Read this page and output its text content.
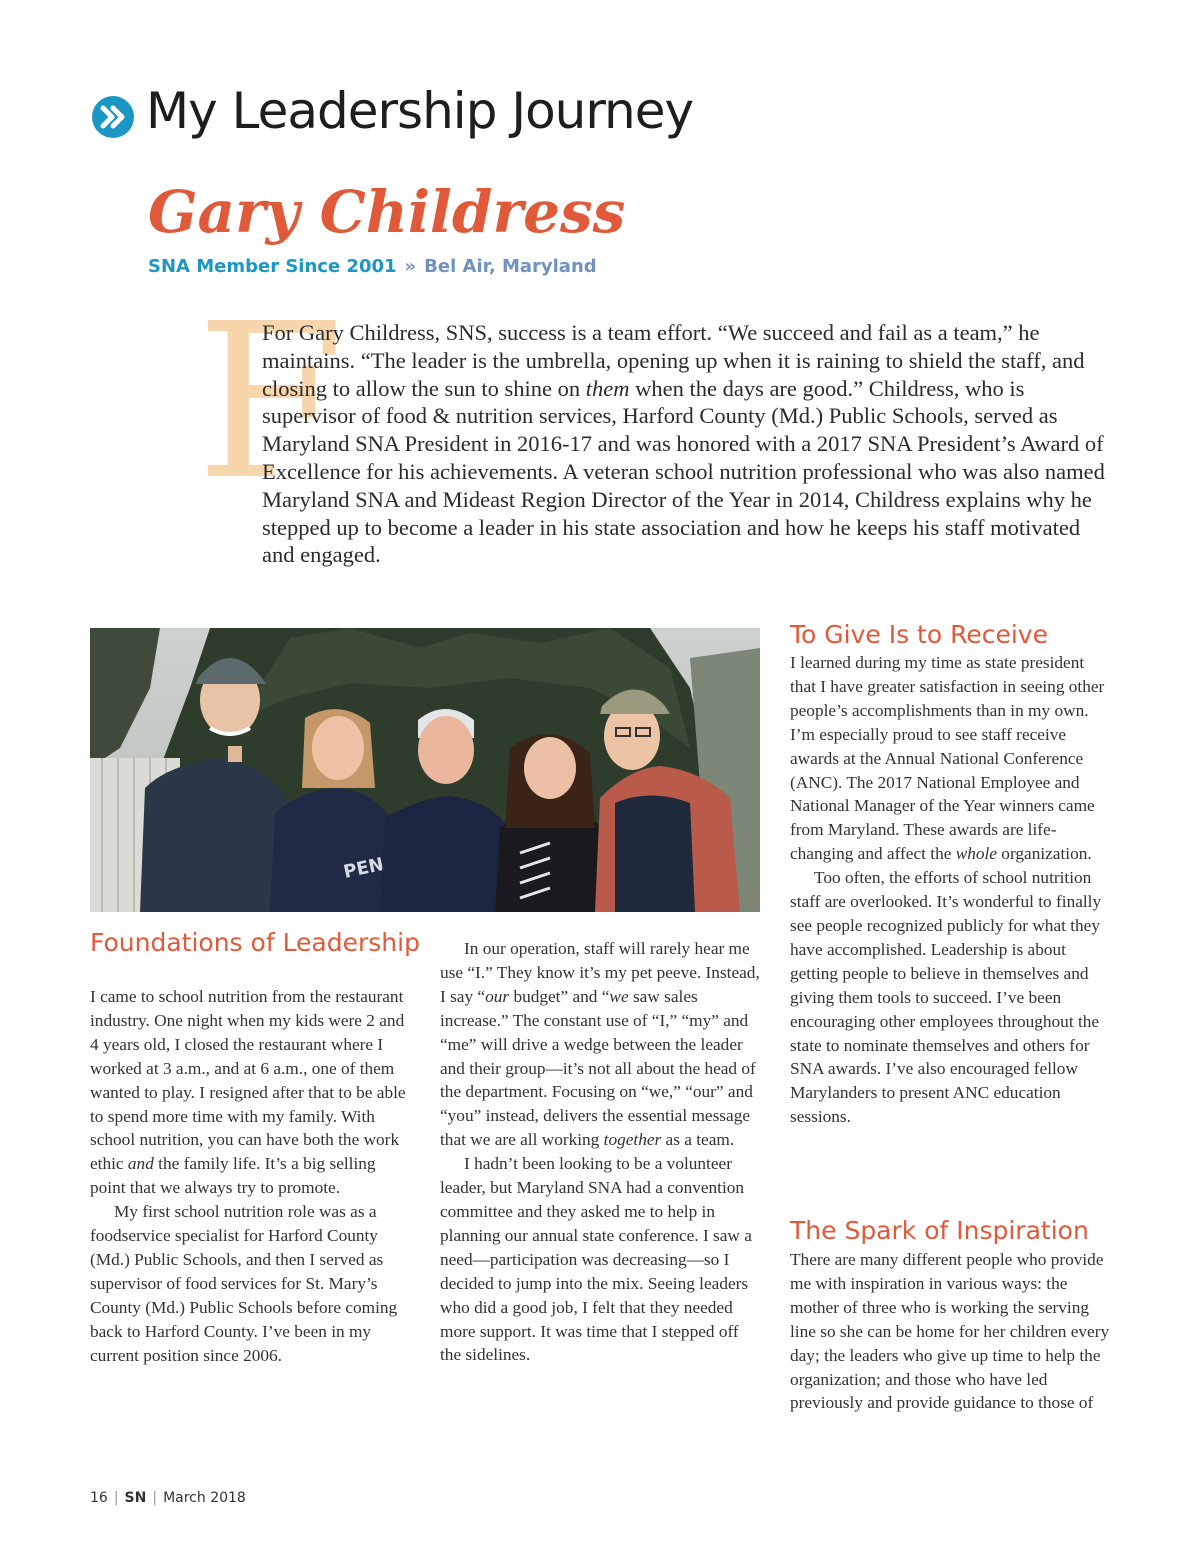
My Leadership Journey
Gary Childress
SNA Member Since 2001 » Bel Air, Maryland
F

For Gary Childress, SNS, success is a team effort. “We succeed and fail as a team,” he maintains. “The leader is the umbrella, opening up when it is raining to shield the staff, and closing to allow the sun to shine on them when the days are good.” Childress, who is supervisor of food & nutrition services, Harford County (Md.) Public Schools, served as Maryland SNA President in 2016-17 and was honored with a 2017 SNA President’s Award of Excellence for his achievements. A veteran school nutrition professional who was also named Maryland SNA and Mideast Region Director of the Year in 2014, Childress explains why he stepped up to become a leader in his state association and how he keeps his staff motivated and engaged.

PENN
Foundations of Leadership

I came to school nutrition from the restaurant industry. One night when my kids were 2 and 4 years old, I closed the restaurant where I worked at 3 a.m., and at 6 a.m., one of them wanted to play. I resigned after that to be able to spend more time with my family. With school nutrition, you can have both the work ethic and the family life. It’s a big selling point that we always try to promote.

My first school nutrition role was as a foodservice specialist for Harford County (Md.) Public Schools, and then I served as supervisor of food services for St. Mary’s County (Md.) Public Schools before coming back to Harford County. I’ve been in my current position since 2006.

In our operation, staff will rarely hear me use “I.” They know it’s my pet peeve. Instead, I say “our budget” and “we saw sales increase.” The constant use of “I,” “my” and “me” will drive a wedge between the leader and their group—it’s not all about the head of the department. Focusing on “we,” “our” and “you” instead, delivers the essential message that we are all working together as a team.

I hadn’t been looking to be a volunteer leader, but Maryland SNA had a convention committee and they asked me to help in planning our annual state conference. I saw a need—participation was decreasing—so I decided to jump into the mix. Seeing leaders who did a good job, I felt that they needed more support. It was time that I stepped off the sidelines.

To Give Is to Receive

I learned during my time as state president that I have greater satisfaction in seeing other people’s accomplishments than in my own. I’m especially proud to see staff receive awards at the Annual National Conference (ANC). The 2017 National Employee and National Manager of the Year winners came from Maryland. These awards are life-changing and affect the whole organization.

Too often, the efforts of school nutrition staff are overlooked. It’s wonderful to finally see people recognized publicly for what they have accomplished. Leadership is about getting people to believe in themselves and giving them tools to succeed. I’ve been encouraging other employees throughout the state to nominate themselves and others for SNA awards. I’ve also encouraged fellow Marylanders to present ANC education sessions.

The Spark of Inspiration

There are many different people who provide me with inspiration in various ways: the mother of three who is working the serving line so she can be home for her children every day; the leaders who give up time to help the organization; and those who have led previously and provide guidance to those of

16 | SN | March 2018
